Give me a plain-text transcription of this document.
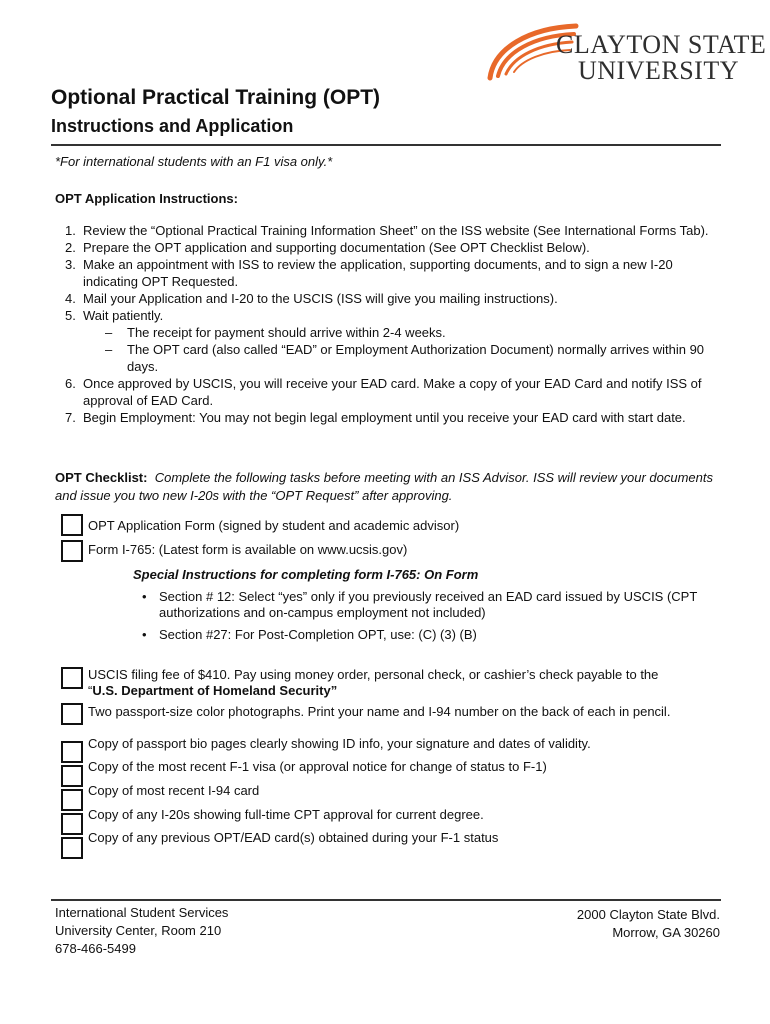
CLAYTON STATE
UNIVERSITY
Optional Practical Training (OPT)
Instructions and Application
*For international students with an F1 visa only.*
OPT Application Instructions:
1. Review the “Optional Practical Training Information Sheet” on the ISS website (See International Forms Tab).
2. Prepare the OPT application and supporting documentation (See OPT Checklist Below).
3. Make an appointment with ISS to review the application, supporting documents, and to sign a new I-20 indicating OPT Requested.
4. Mail your Application and I-20 to the USCIS (ISS will give you mailing instructions).
5. Wait patiently.
– The receipt for payment should arrive within 2-4 weeks.
– The OPT card (also called “EAD” or Employment Authorization Document) normally arrives within 90 days.
6. Once approved by USCIS, you will receive your EAD card. Make a copy of your EAD Card and notify ISS of approval of EAD Card.
7. Begin Employment: You may not begin legal employment until you receive your EAD card with start date.
OPT Checklist: Complete the following tasks before meeting with an ISS Advisor. ISS will review your documents and issue you two new I-20s with the “OPT Request” after approving.
OPT Application Form (signed by student and academic advisor)
Form I-765: (Latest form is available on www.ucsis.gov)
Special Instructions for completing form I-765: On Form
• Section # 12: Select “yes” only if you previously received an EAD card issued by USCIS (CPT authorizations and on-campus employment not included)
• Section #27: For Post-Completion OPT, use: (C) (3) (B)
USCIS filing fee of $410. Pay using money order, personal check, or cashier’s check payable to the
“U.S. Department of Homeland Security”
Two passport-size color photographs. Print your name and I-94 number on the back of each in pencil.
Copy of passport bio pages clearly showing ID info, your signature and dates of validity.
Copy of the most recent F-1 visa (or approval notice for change of status to F-1)
Copy of most recent I-94 card
Copy of any I-20s showing full-time CPT approval for current degree.
Copy of any previous OPT/EAD card(s) obtained during your F-1 status
International Student Services
University Center, Room 210
678-466-5499
2000 Clayton State Blvd.
Morrow, GA 30260
